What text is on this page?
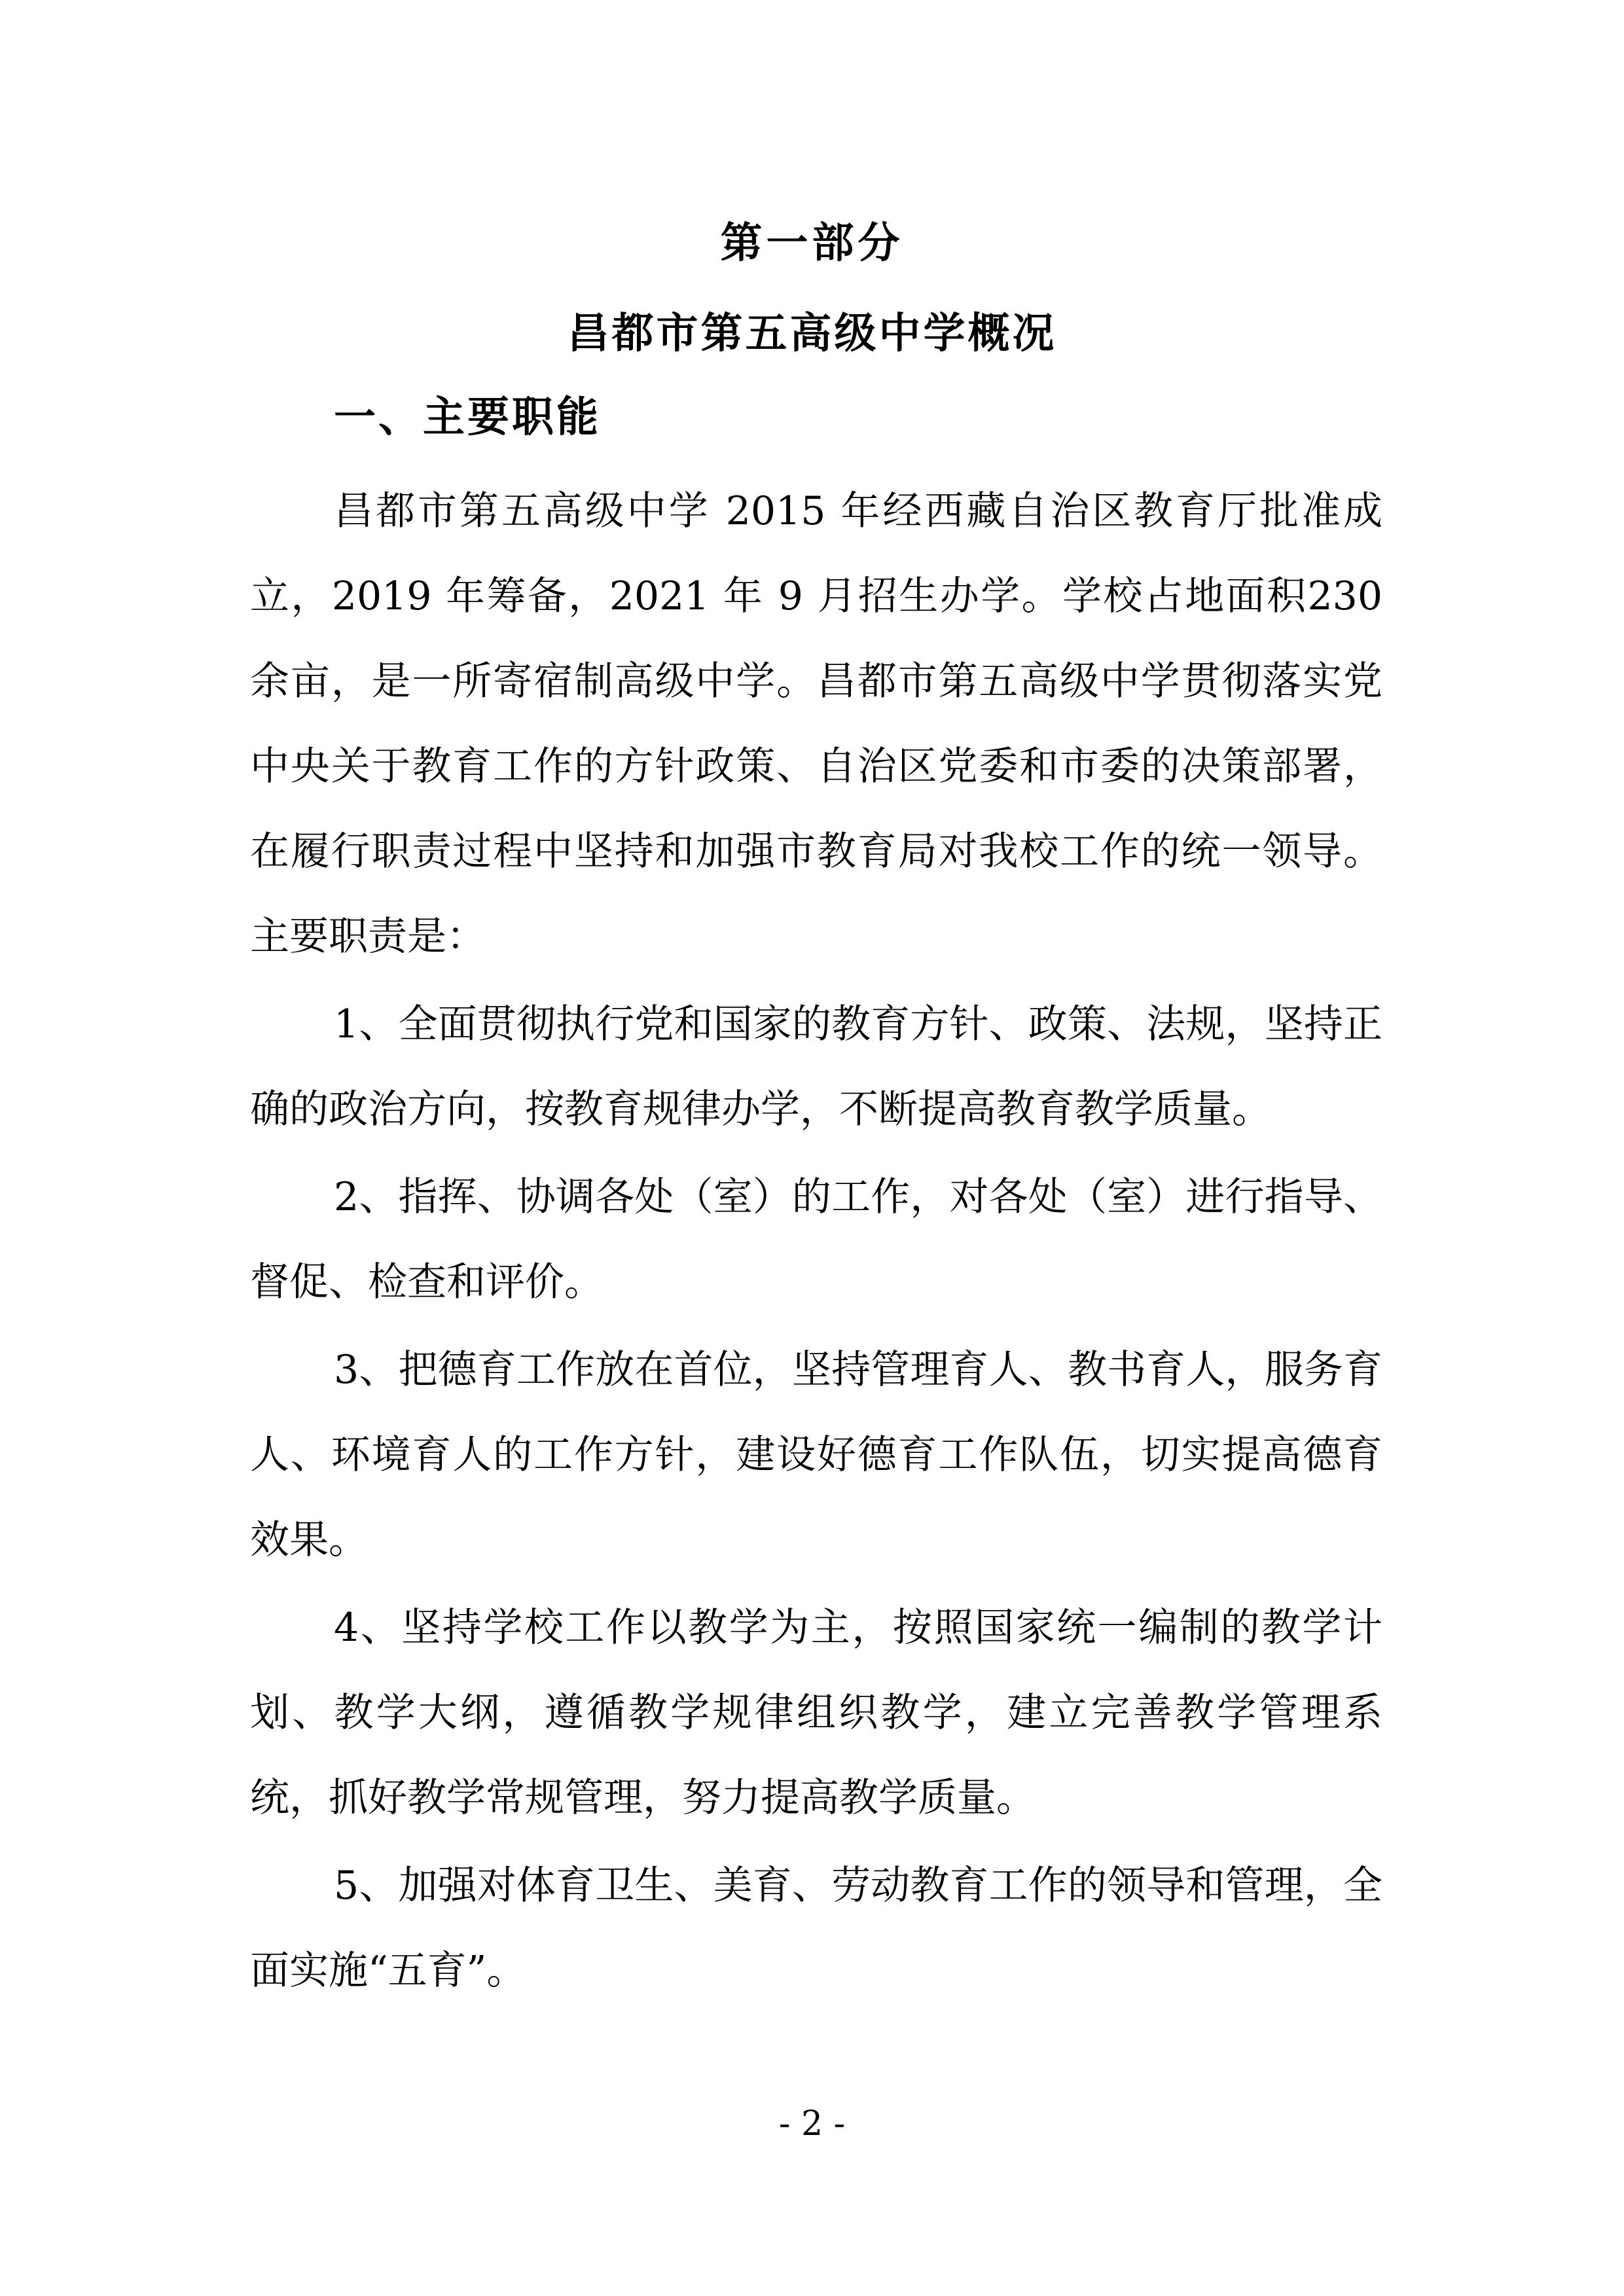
第一部分
昌都市第五高级中学概况
一、主要职能

昌都市第五高级中学 2015 年经西藏自治区教育厅批准成立，2019 年筹备，2021 年 9 月招生办学。学校占地面积230 余亩，是一所寄宿制高级中学。昌都市第五高级中学贯彻落实党中央关于教育工作的方针政策、自治区党委和市委的决策部署，在履行职责过程中坚持和加强市教育局对我校工作的统一领导。主要职责是：

1、全面贯彻执行党和国家的教育方针、政策、法规，坚持正确的政治方向，按教育规律办学，不断提高教育教学质量。

2、指挥、协调各处（室）的工作，对各处（室）进行指导、督促、检查和评价。

3、把德育工作放在首位，坚持管理育人、教书育人，服务育人、环境育人的工作方针，建设好德育工作队伍，切实提高德育效果。

4、坚持学校工作以教学为主，按照国家统一编制的教学计划、教学大纲，遵循教学规律组织教学，建立完善教学管理系统，抓好教学常规管理，努力提高教学质量。

5、加强对体育卫生、美育、劳动教育工作的领导和管理，全面实施“五育”。

- 2 -
